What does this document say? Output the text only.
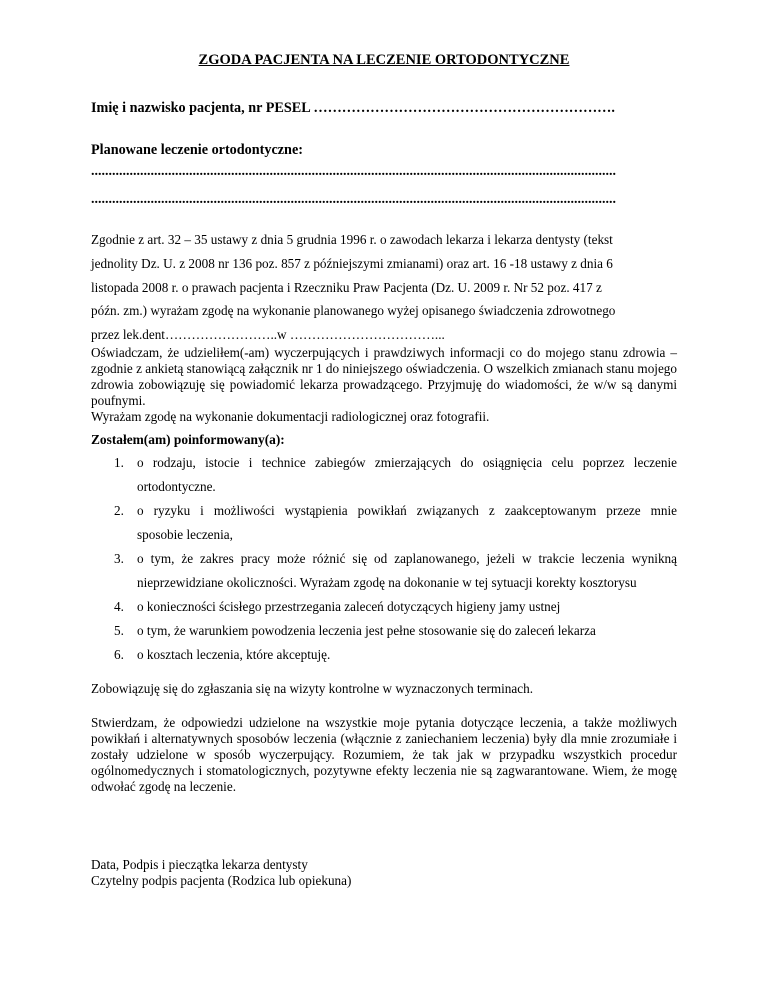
ZGODA PACJENTA NA LECZENIE ORTODONTYCZNE
Imię i nazwisko pacjenta, nr PESEL ……………………………………………………….
Planowane leczenie ortodontyczne:
......................................................................................................................................................
......................................................................................................................................................
Zgodnie z art. 32 – 35 ustawy z dnia 5 grudnia 1996 r. o zawodach lekarza i lekarza dentysty (tekst
jednolity Dz. U. z 2008 nr 136 poz. 857 z późniejszymi zmianami) oraz art. 16 -18 ustawy z dnia 6
listopada 2008 r. o prawach pacjenta i Rzeczniku Praw Pacjenta (Dz. U. 2009 r. Nr 52 poz. 417 z
późn. zm.) wyrażam zgodę na wykonanie planowanego wyżej opisanego świadczenia zdrowotnego
przez lek.dent……………………..w ……………………………...
Oświadczam, że udzieliłem(-am) wyczerpujących i prawdziwych informacji co do mojego stanu zdrowia – zgodnie z ankietą stanowiącą załącznik nr 1 do niniejszego oświadczenia. O wszelkich zmianach stanu mojego zdrowia zobowiązuję się powiadomić lekarza prowadzącego. Przyjmuję do wiadomości, że w/w są danymi poufnymi.
Wyrażam zgodę na wykonanie dokumentacji radiologicznej oraz fotografii.
Zostałem(am) poinformowany(a):
1. o rodzaju, istocie i technice zabiegów zmierzających do osiągnięcia celu poprzez leczenie
ortodontyczne.
2. o ryzyku i możliwości wystąpienia powikłań związanych z zaakceptowanym przeze mnie
sposobie leczenia,
3. o tym, że zakres pracy może różnić się od zaplanowanego, jeżeli w trakcie leczenia wynikną
nieprzewidziane okoliczności. Wyrażam zgodę na dokonanie w tej sytuacji korekty kosztorysu
4. o konieczności ścisłego przestrzegania zaleceń dotyczących higieny jamy ustnej
5. o tym, że warunkiem powodzenia leczenia jest pełne stosowanie się do zaleceń lekarza
6. o kosztach leczenia, które akceptuję.
Zobowiązuję się do zgłaszania się na wizyty kontrolne w wyznaczonych terminach.
Stwierdzam, że odpowiedzi udzielone na wszystkie moje pytania dotyczące leczenia, a także możliwych powikłań i alternatywnych sposobów leczenia (włącznie z zaniechaniem leczenia) były dla mnie zrozumiałe i zostały udzielone w sposób wyczerpujący. Rozumiem, że tak jak w przypadku wszystkich procedur ogólnomedycznych i stomatologicznych, pozytywne efekty leczenia nie są zagwarantowane. Wiem, że mogę odwołać zgodę na leczenie.
Data, Podpis i pieczątka lekarza dentysty
Czytelny podpis pacjenta (Rodzica lub opiekuna)
